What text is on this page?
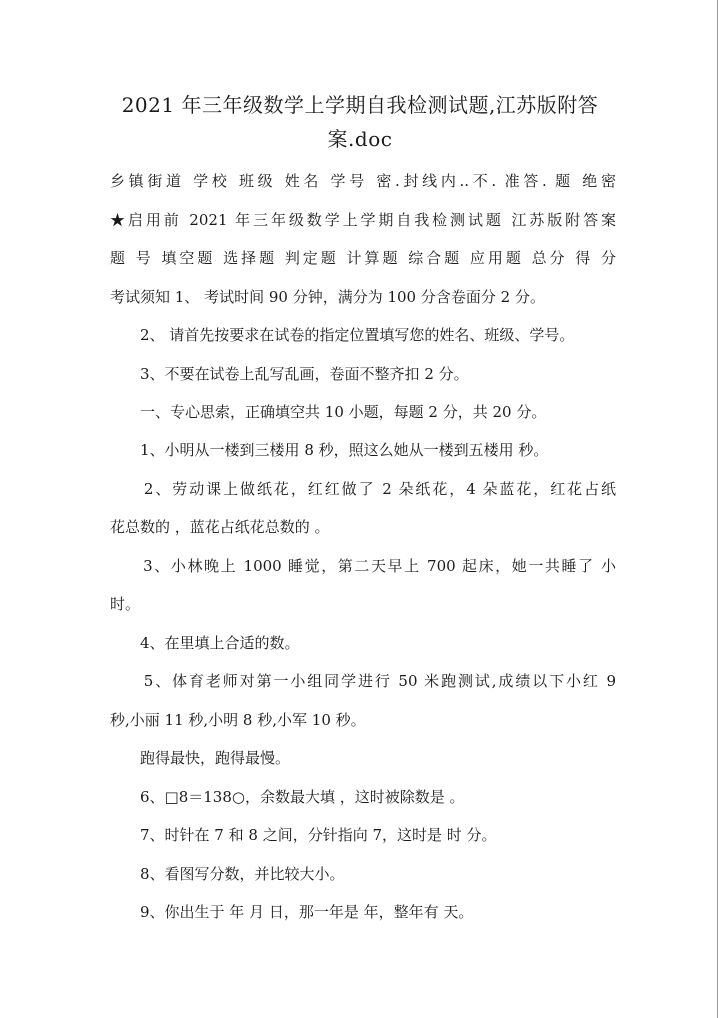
2021 年三年级数学上学期自我检测试题,江苏版附答
案.doc
乡镇街道 学校 班级 姓名 学号 密.封线内..不. 准答. 题 绝密
★启用前 2021 年三年级数学上学期自我检测试题 江苏版附答案
题 号 填空题 选择题 判定题 计算题 综合题 应用题 总分 得 分
考试须知 1、 考试时间 90 分钟，满分为 100 分含卷面分 2 分。
　　2、 请首先按要求在试卷的指定位置填写您的姓名、班级、学号。
　　3、不要在试卷上乱写乱画，卷面不整齐扣 2 分。
　　一、专心思索，正确填空共 10 小题，每题 2 分，共 20 分。
　　1、小明从一楼到三楼用 8 秒，照这么她从一楼到五楼用 秒。
　　2、劳动课上做纸花，红红做了 2 朵纸花，4 朵蓝花，红花占纸
花总数的 ，蓝花占纸花总数的 。
　　3、小林晚上 1000 睡觉，第二天早上 700 起床，她一共睡了 小
时。
　　4、在里填上合适的数。
　　5、体育老师对第一小组同学进行 50 米跑测试,成绩以下小红 9
秒,小丽 11 秒,小明 8 秒,小军 10 秒。
　　跑得最快，跑得最慢。
　　6、□8＝138○，余数最大填 ，这时被除数是 。
　　7、时针在 7 和 8 之间，分针指向 7，这时是 时 分。
　　8、看图写分数，并比较大小。
　　9、你出生于 年 月 日，那一年是 年，整年有 天。
